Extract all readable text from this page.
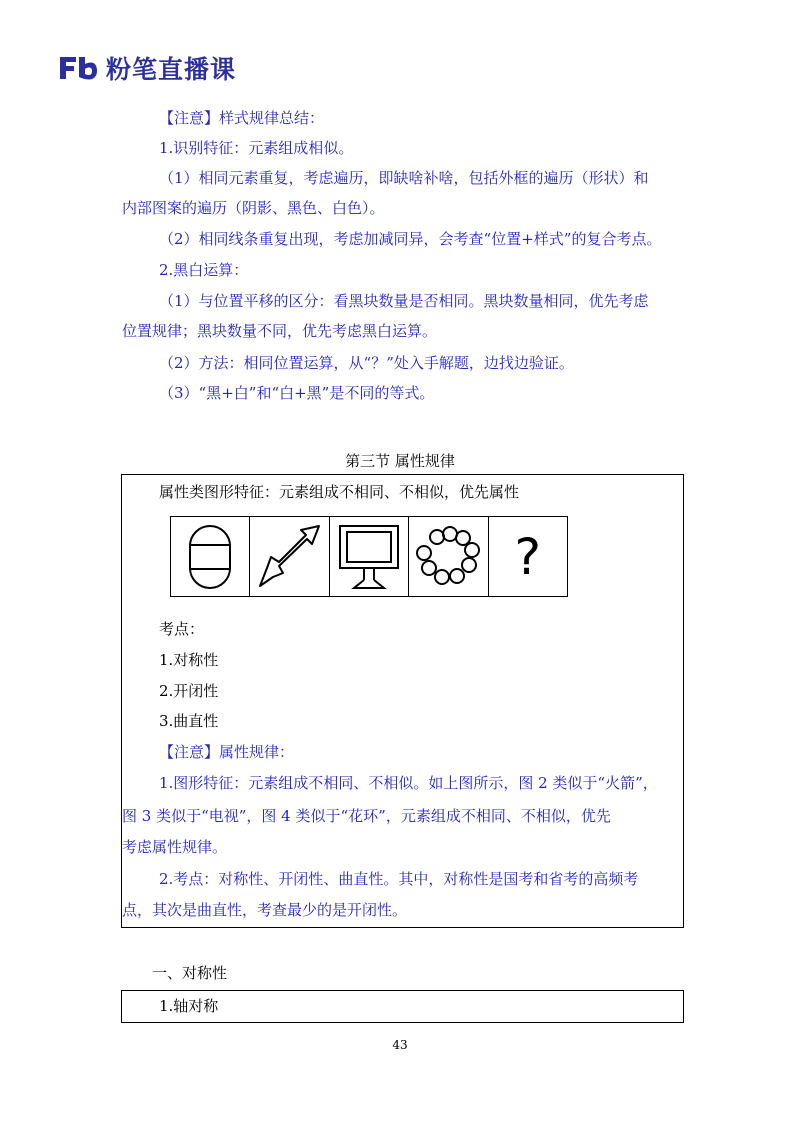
粉笔直播课
【注意】样式规律总结：
1.识别特征：元素组成相似。
（1）相同元素重复，考虑遍历，即缺啥补啥，包括外框的遍历（形状）和
内部图案的遍历（阴影、黑色、白色）。
（2）相同线条重复出现，考虑加减同异，会考查“位置+样式”的复合考点。
2.黑白运算：
（1）与位置平移的区分：看黑块数量是否相同。黑块数量相同，优先考虑
位置规律；黑块数量不同，优先考虑黑白运算。
（2）方法：相同位置运算，从“？”处入手解题，边找边验证。
（3）“黑+白”和“白+黑”是不同的等式。
第三节 属性规律
属性类图形特征：元素组成不相同、不相似，优先属性
?
考点：
1.对称性
2.开闭性
3.曲直性
【注意】属性规律：
1.图形特征：元素组成不相同、不相似。如上图所示，图 2 类似于“火箭”，
图 3 类似于“电视”，图 4 类似于“花环”，元素组成不相同、不相似，优先
考虑属性规律。
2.考点：对称性、开闭性、曲直性。其中，对称性是国考和省考的高频考
点，其次是曲直性，考查最少的是开闭性。
一、对称性
1.轴对称
43
